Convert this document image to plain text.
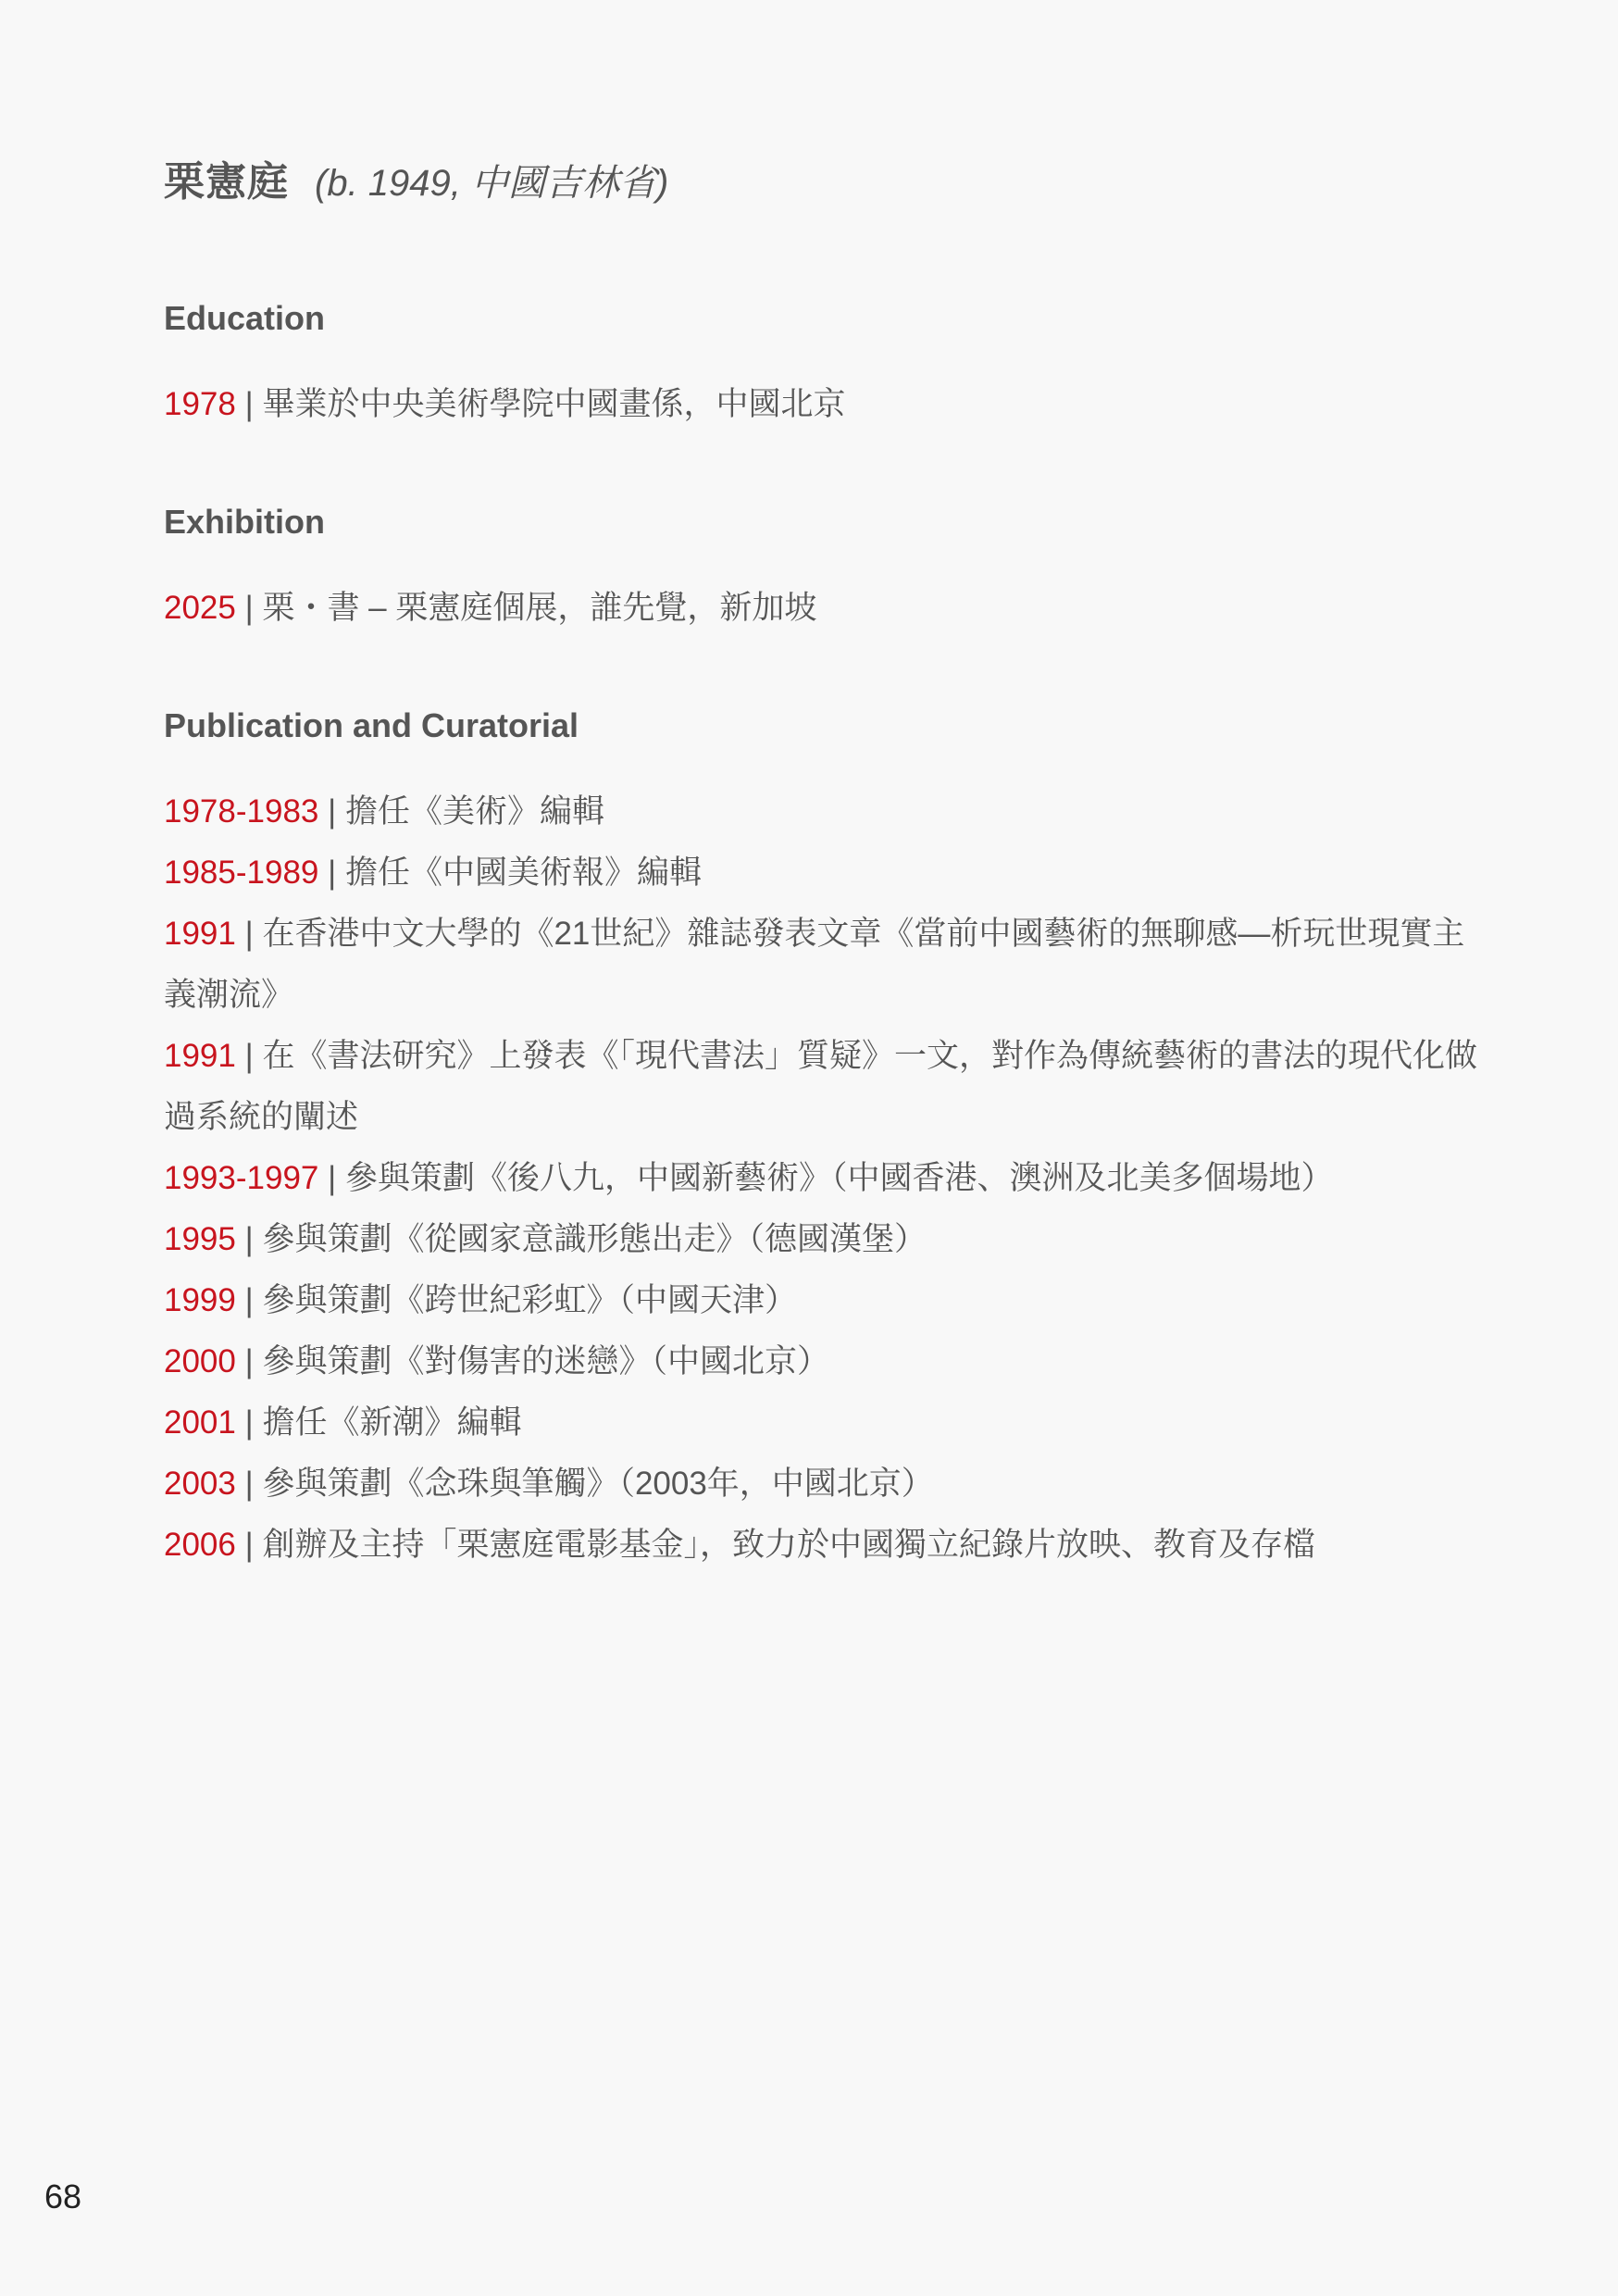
栗憲庭 (b. 1949, 中國吉林省)
Education
1978 | 畢業於中央美術學院中國畫係，中國北京
Exhibition
2025 | 栗・書 – 栗憲庭個展，誰先覺，新加坡
Publication and Curatorial
1978-1983 | 擔任《美術》編輯
1985-1989 | 擔任《中國美術報》編輯
1991 | 在香港中文大學的《21世紀》雜誌發表文章《當前中國藝術的無聊感—析玩世現實主義潮流》
1991 | 在《書法研究》上發表《「現代書法」質疑》一文，對作為傳統藝術的書法的現代化做過系統的闡述
1993-1997 | 參與策劃《後八九，中國新藝術》（中國香港、澳洲及北美多個場地）
1995 | 參與策劃《從國家意識形態出走》（德國漢堡）
1999 | 參與策劃《跨世紀彩虹》（中國天津）
2000 | 參與策劃《對傷害的迷戀》（中國北京）
2001 | 擔任《新潮》編輯
2003 | 參與策劃《念珠與筆觸》（2003年，中國北京）
2006 | 創辦及主持「栗憲庭電影基金」，致力於中國獨立紀錄片放映、教育及存檔
68
